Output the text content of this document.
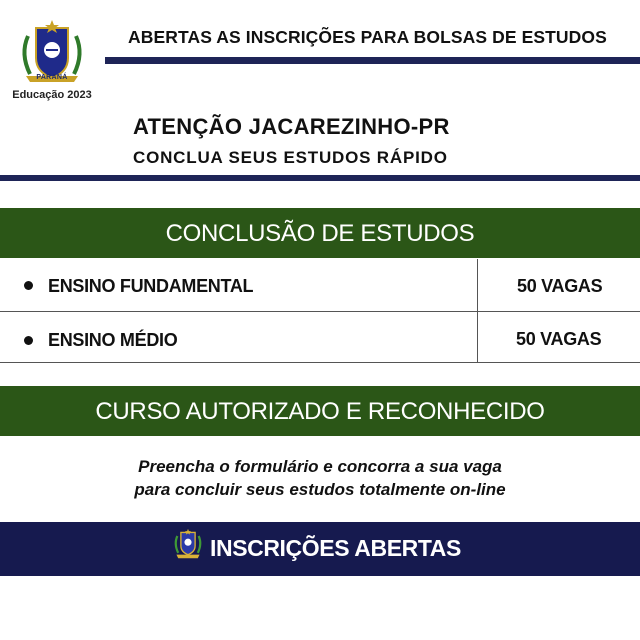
PARANÁ
Educação 2023
ABERTAS AS INSCRIÇÕES PARA BOLSAS DE ESTUDOS
ATENÇÃO JACAREZINHO-PR
CONCLUA SEUS ESTUDOS RÁPIDO
CONCLUSÃO DE ESTUDOS
ENSINO FUNDAMENTAL	50 VAGAS
ENSINO MÉDIO	50 VAGAS
CURSO AUTORIZADO E RECONHECIDO
Preencha o formulário e concorra a sua vaga
para concluir seus estudos totalmente on-line
INSCRIÇÕES ABERTAS
